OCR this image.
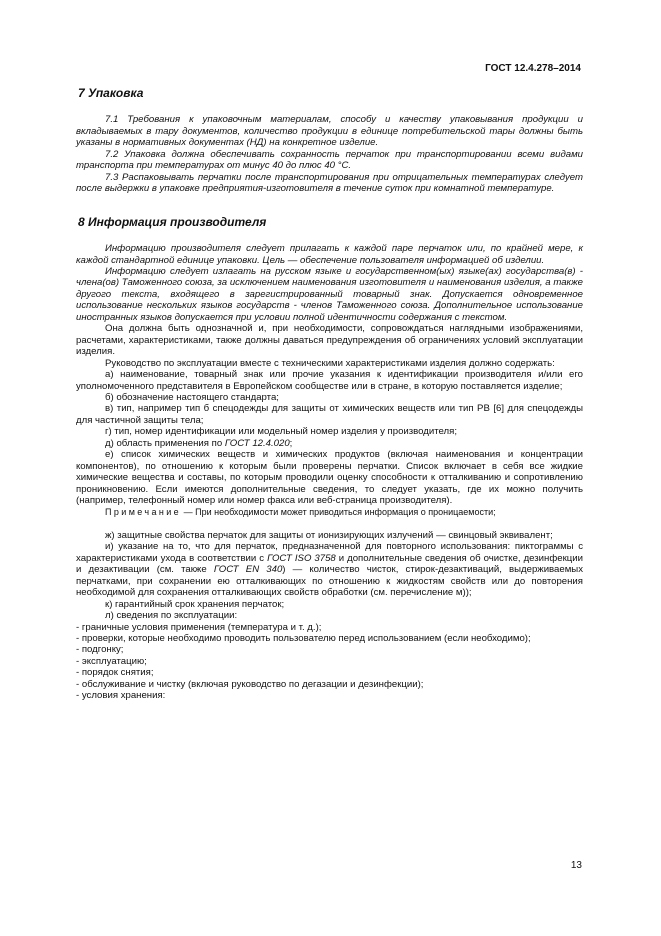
ГОСТ 12.4.278–2014
7 Упаковка

7.1 Требования к упаковочным материалам, способу и качеству упаковывания продукции и вкладываемых в тару документов, количество продукции в единице потребительской тары должны быть указаны в нормативных документах (НД) на конкретное изделие.

7.2 Упаковка должна обеспечивать сохранность перчаток при транспортировании всеми видами транспорта при температурах от минус 40 до плюс 40 °С.

7.3 Распаковывать перчатки после транспортирования при отрицательных температурах следует после выдержки в упаковке предприятия-изготовителя в течение суток при комнатной температуре.

8 Информация производителя

Информацию производителя следует прилагать к каждой паре перчаток или, по крайней мере, к каждой стандартной единице упаковки. Цель — обеспечение пользователя информацией об изделии.

Информацию следует излагать на русском языке и государственном(ых) языке(ах) государства(в) - члена(ов) Таможенного союза, за исключением наименования изготовителя и наименования изделия, а также другого текста, входящего в зарегистрированный товарный знак. Допускается одновременное использование нескольких языков государств - членов Таможенного союза. Дополнительное использование иностранных языков допускается при условии полной идентичности содержания с текстом.

Она должна быть однозначной и, при необходимости, сопровождаться наглядными изображениями, расчетами, характеристиками, также должны даваться предупреждения об ограничениях условий эксплуатации изделия.

Руководство по эксплуатации вместе с техническими характеристиками изделия должно содержать:

а) наименование, товарный знак или прочие указания к идентификации производителя и/или его уполномоченного представителя в Европейском сообществе или в стране, в которую поставляется изделие;

б) обозначение настоящего стандарта;

в) тип, например тип б спецодежды для защиты от химических веществ или тип PB [6] для спецодежды для частичной защиты тела;

г) тип, номер идентификации или модельный номер изделия у производителя;

д) область применения по ГОСТ 12.4.020;

е) список химических веществ и химических продуктов (включая наименования и концентрации компонентов), по отношению к которым были проверены перчатки. Список включает в себя все жидкие химические вещества и составы, по которым проводили оценку способности к отталкиванию и сопротивлению проникновению. Если имеются дополнительные сведения, то следует указать, где их можно получить (например, телефонный номер или номер факса или веб-страница производителя).

Примечание — При необходимости может приводиться информация о проницаемости;

ж) защитные свойства перчаток для защиты от ионизирующих излучений — свинцовый эквивалент;

и) указание на то, что для перчаток, предназначенной для повторного использования: пиктограммы с характеристиками ухода в соответствии с ГОСТ ISO 3758 и дополнительные сведения об очистке, дезинфекции и дезактивации (см. также ГОСТ EN 340) — количество чисток, стирок-дезактиваций, выдерживаемых перчатками, при сохранении ею отталкивающих по отношению к жидкостям свойств или до повторения необходимой для сохранения отталкивающих свойств обработки (см. перечисление м));

к) гарантийный срок хранения перчаток;

л) сведения по эксплуатации:

- граничные условия применения (температура и т. д.);

- проверки, которые необходимо проводить пользователю перед использованием (если необходимо);

- подгонку;

- эксплуатацию;

- порядок снятия;

- обслуживание и чистку (включая руководство по дегазации и дезинфекции);

- условия хранения:

13
